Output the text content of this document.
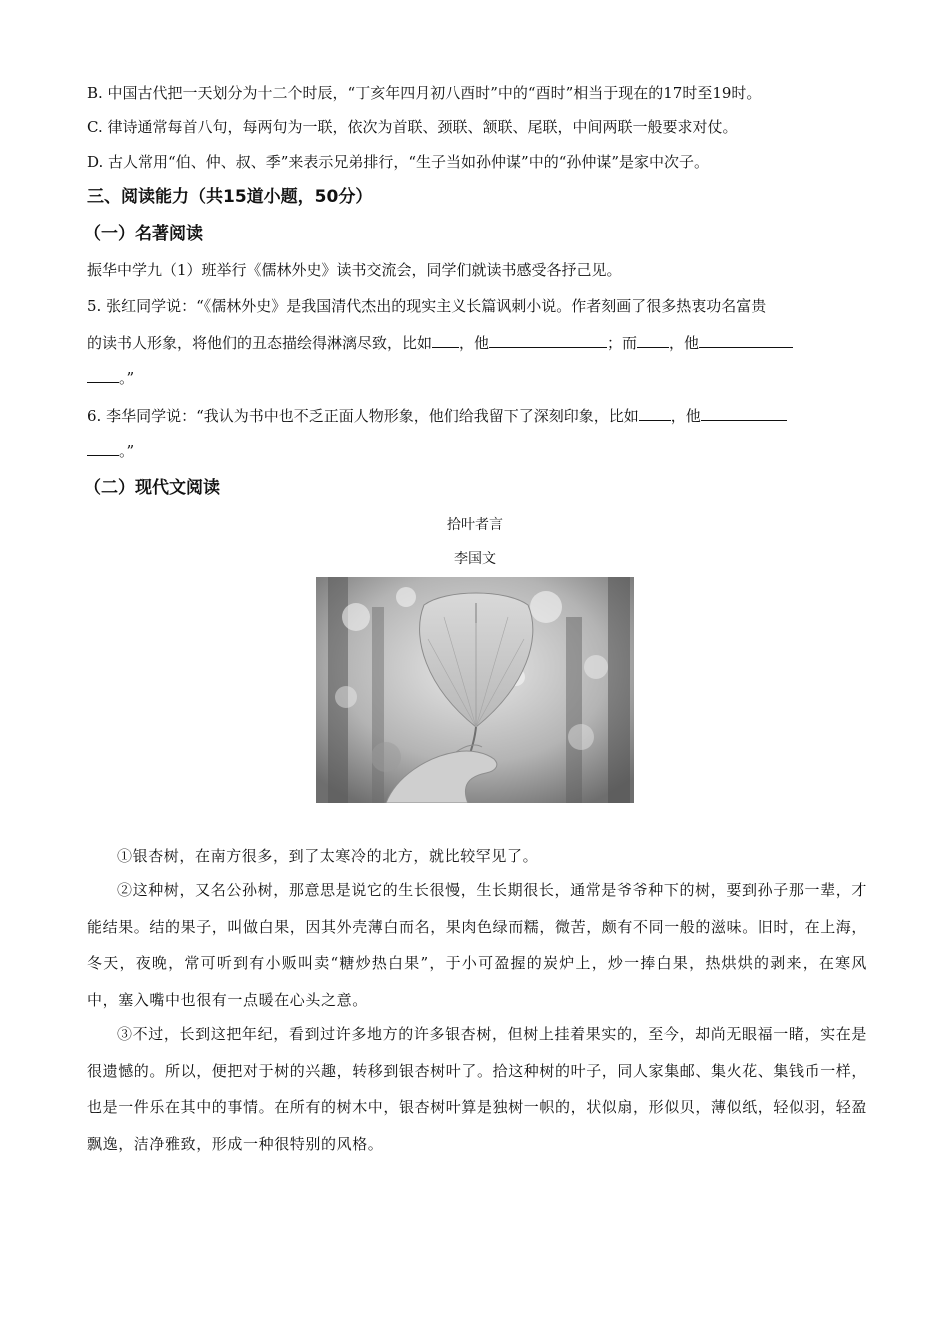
B. 中国古代把一天划分为十二个时辰，“丁亥年四月初八酉时”中的“酉时”相当于现在的17时至19时。
C. 律诗通常每首八句，每两句为一联，依次为首联、颈联、颔联、尾联，中间两联一般要求对仗。
D. 古人常用“伯、仲、叔、季”来表示兄弟排行，“生子当如孙仲谋”中的“孙仲谋”是家中次子。
三、阅读能力（共15道小题，50分）
（一）名著阅读
振华中学九（1）班举行《儒林外史》读书交流会，同学们就读书感受各抒己见。
5. 张红同学说：“《儒林外史》是我国清代杰出的现实主义长篇讽刺小说。作者刻画了很多热衷功名富贵
的读书人形象，将他们的丑态描绘得淋漓尽致，比如 ，他	；而 ，他
。”
6. 李华同学说：“我认为书中也不乏正面人物形象，他们给我留下了深刻印象，比如 ，他
。”
（二）现代文阅读
拾叶者言
李国文
①银杏树，在南方很多，到了太寒冷的北方，就比较罕见了。
②这种树，又名公孙树，那意思是说它的生长很慢，生长期很长，通常是爷爷种下的树，要到孙子那一辈，才能结果。结的果子，叫做白果，因其外壳薄白而名，果肉色绿而糯，微苦，颇有不同一般的滋味。旧时，在上海，冬天，夜晚，常可听到有小贩叫卖“糖炒热白果”，于小可盈握的炭炉上，炒一捧白果，热烘烘的剥来，在寒风中，塞入嘴中也很有一点暖在心头之意。
③不过，长到这把年纪，看到过许多地方的许多银杏树，但树上挂着果实的，至今，却尚无眼福一睹，实在是很遗憾的。所以，便把对于树的兴趣，转移到银杏树叶了。拾这种树的叶子，同人家集邮、集火花、集钱币一样，也是一件乐在其中的事情。在所有的树木中，银杏树叶算是独树一帜的，状似扇，形似贝，薄似纸，轻似羽，轻盈飘逸，洁净雅致，形成一种很特别的风格。
